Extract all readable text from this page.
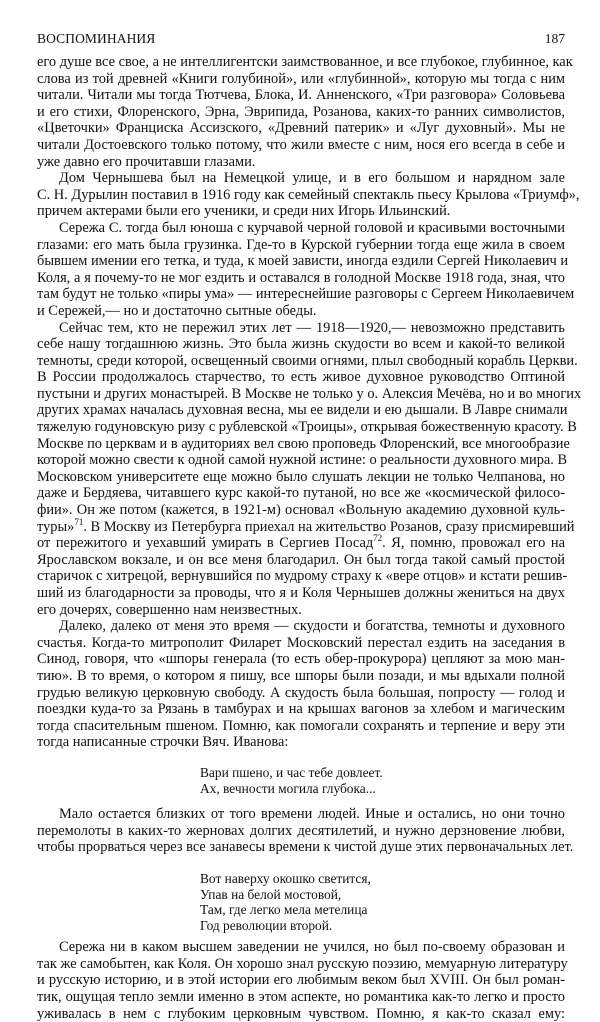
ВОСПОМИНАНИЯ	187
его душе все свое, а не интеллигентски заимствованное, и все глубокое, глубинное, как
слова из той древней «Книги голубиной», или «глубинной», которую мы тогда с ним
читали. Читали мы тогда Тютчева, Блока, И. Анненского, «Три разговора» Соловьева
и его стихи, Флоренского, Эрна, Эврипида, Розанова, каких-то ранних символистов,
«Цветочки» Франциска Ассизского, «Древний патерик» и «Луг духовный». Мы не
читали Достоевского только потому, что жили вместе с ним, нося его всегда в себе и
уже давно его прочитавши глазами.
Дом Чернышева был на Немецкой улице, и в его большом и нарядном зале
С. Н. Дурылин поставил в 1916 году как семейный спектакль пьесу Крылова «Триумф»,
причем актерами были его ученики, и среди них Игорь Ильинский.
Сережа С. тогда был юноша с курчавой черной головой и красивыми восточными
глазами: его мать была грузинка. Где-то в Курской губернии тогда еще жила в своем
бывшем имении его тетка, и туда, к моей зависти, иногда ездили Сергей Николаевич и
Коля, а я почему-то не мог ездить и оставался в голодной Москве 1918 года, зная, что
там будут не только «пиры ума» — интереснейшие разговоры с Сергеем Николаевичем
и Сережей,— но и достаточно сытные обеды.
Сейчас тем, кто не пережил этих лет — 1918—1920,— невозможно представить
себе нашу тогдашнюю жизнь. Это была жизнь скудости во всем и какой-то великой
темноты, среди которой, освещенный своими огнями, плыл свободный корабль Церкви.
В России продолжалось старчество, то есть живое духовное руководство Оптиной
пустыни и других монастырей. В Москве не только у о. Алексия Мечёва, но и во многих
других храмах началась духовная весна, мы ее видели и ею дышали. В Лавре снимали
тяжелую годуновскую ризу с рублевской «Троицы», открывая божественную красоту. В
Москве по церквам и в аудиториях вел свою проповедь Флоренский, все многообразие
которой можно свести к одной самой нужной истине: о реальности духовного мира. В
Московском университете еще можно было слушать лекции не только Челпанова, но
даже и Бердяева, читавшего курс какой-то путаной, но все же «космической филосо-
фии». Он же потом (кажется, в 1921-м) основал «Вольную академию духовной куль-
туры»$^{71}$. В Москву из Петербурга приехал на жительство Розанов, сразу присмиревший
от пережитого и уехавший умирать в Сергиев Посад$^{72}$. Я, помню, провожал его на
Ярославском вокзале, и он все меня благодарил. Он был тогда такой самый простой
старичок с хитрецой, вернувшийся по мудрому страху к «вере отцов» и кстати решив-
ший из благодарности за проводы, что я и Коля Чернышев должны жениться на двух
его дочерях, совершенно нам неизвестных.
Далеко, далеко от меня это время — скудости и богатства, темноты и духовного
счастья. Когда-то митрополит Филарет Московский перестал ездить на заседания в
Синод, говоря, что «шпоры генерала (то есть обер-прокурора) цепляют за мою ман-
тию». В то время, о котором я пишу, все шпоры были позади, и мы вдыхали полной
грудью великую церковную свободу. А скудость была большая, попросту — голод и
поездки куда-то за Рязань в тамбурах и на крышах вагонов за хлебом и магическим
тогда спасительным пшеном. Помню, как помогали сохранять и терпение и веру эти
тогда написанные строчки Вяч. Иванова:
Вари пшено, и час тебе довлеет.
Ах, вечности могила глубока...
Мало остается близких от того времени людей. Иные и остались, но они точно
перемолоты в каких-то жерновах долгих десятилетий, и нужно дерзновение любви,
чтобы прорваться через все занавесы времени к чистой душе этих первоначальных лет.
Вот наверху окошко светится,
Упав на белой мостовой,
Там, где легко мела метелица
Год революции второй.
Сережа ни в каком высшем заведении не учился, но был по-своему образован и
так же самобытен, как Коля. Он хорошо знал русскую поэзию, мемуарную литературу
и русскую историю, и в этой истории его любимым веком был XVIII. Он был роман-
тик, ощущая тепло земли именно в этом аспекте, но романтика как-то легко и просто
уживалась в нем с глубоким церковным чувством. Помню, я как-то сказал ему:
